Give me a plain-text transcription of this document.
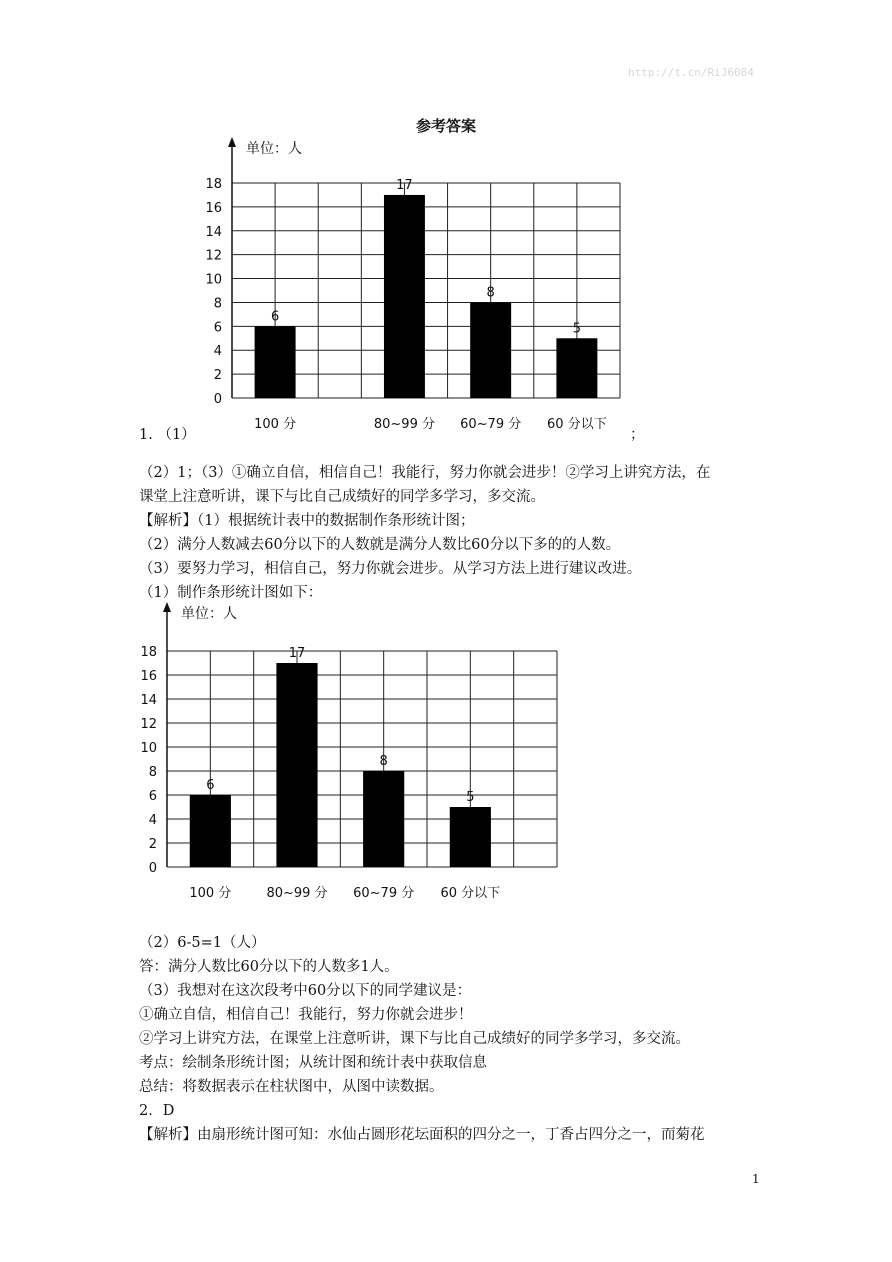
http://t.cn/RiJ6084
参考答案
单位：人
0
2
4
6
8
10
12
14
16
18
6
100 分
17
80~99 分
8
60~79 分
5
60 分以下
1. （1）	；
（2）1；（3）①确立自信，相信自己！我能行，努力你就会进步！②学习上讲究方法，在
课堂上注意听讲，课下与比自己成绩好的同学多学习，多交流。
【解析】（1）根据统计表中的数据制作条形统计图；
（2）满分人数减去60分以下的人数就是满分人数比60分以下多的的人数。
（3）要努力学习，相信自己，努力你就会进步。从学习方法上进行建议改进。
（1）制作条形统计图如下：
单位：人
0
2
4
6
8
10
12
14
16
18
6
100 分
17
80~99 分
8
60~79 分
5
60 分以下
（2）6-5=1（人）
答：满分人数比60分以下的人数多1人。
（3）我想对在这次段考中60分以下的同学建议是：
①确立自信，相信自己！我能行，努力你就会进步！
②学习上讲究方法，在课堂上注意听讲，课下与比自己成绩好的同学多学习，多交流。
考点：绘制条形统计图；从统计图和统计表中获取信息
总结：将数据表示在柱状图中，从图中读数据。
2．D
【解析】由扇形统计图可知：水仙占圆形花坛面积的四分之一，丁香占四分之一，而菊花
1
